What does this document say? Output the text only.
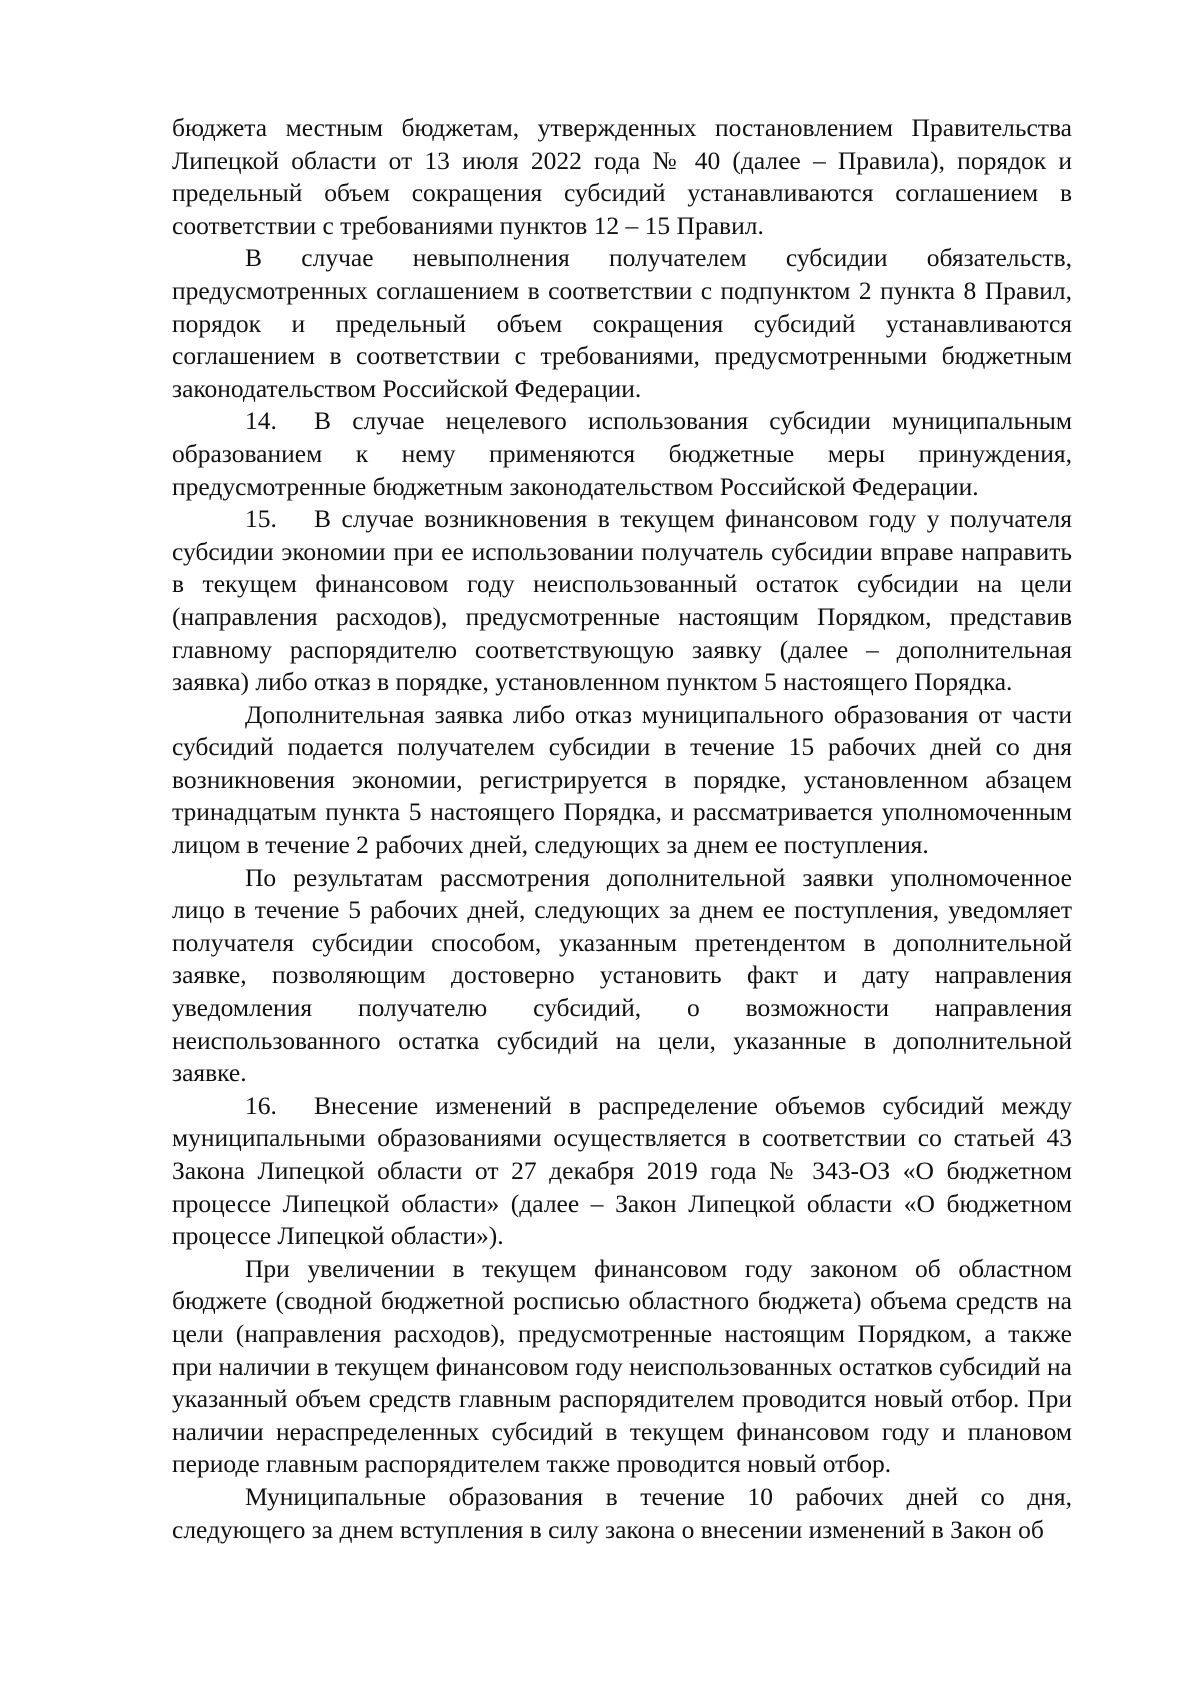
бюджета местным бюджетам, утвержденных постановлением Правительства Липецкой области от 13 июля 2022 года № 40 (далее – Правила), порядок и предельный объем сокращения субсидий устанавливаются соглашением в соответствии с требованиями пунктов 12 – 15 Правил.

В случае невыполнения получателем субсидии обязательств, предусмотренных соглашением в соответствии с подпунктом 2 пункта 8 Правил, порядок и предельный объем сокращения субсидий устанавливаются соглашением в соответствии с требованиями, предусмотренными бюджетным законодательством Российской Федерации.

14. В случае нецелевого использования субсидии муниципальным образованием к нему применяются бюджетные меры принуждения, предусмотренные бюджетным законодательством Российской Федерации.

15. В случае возникновения в текущем финансовом году у получателя субсидии экономии при ее использовании получатель субсидии вправе направить в текущем финансовом году неиспользованный остаток субсидии на цели (направления расходов), предусмотренные настоящим Порядком, представив главному распорядителю соответствующую заявку (далее – дополнительная заявка) либо отказ в порядке, установленном пунктом 5 настоящего Порядка.

Дополнительная заявка либо отказ муниципального образования от части субсидий подается получателем субсидии в течение 15 рабочих дней со дня возникновения экономии, регистрируется в порядке, установленном абзацем тринадцатым пункта 5 настоящего Порядка, и рассматривается уполномоченным лицом в течение 2 рабочих дней, следующих за днем ее поступления.

По результатам рассмотрения дополнительной заявки уполномоченное лицо в течение 5 рабочих дней, следующих за днем ее поступления, уведомляет получателя субсидии способом, указанным претендентом в дополнительной заявке, позволяющим достоверно установить факт и дату направления уведомления получателю субсидий, о возможности направления неиспользованного остатка субсидий на цели, указанные в дополнительной заявке.

16. Внесение изменений в распределение объемов субсидий между муниципальными образованиями осуществляется в соответствии со статьей 43 Закона Липецкой области от 27 декабря 2019 года № 343-ОЗ «О бюджетном процессе Липецкой области» (далее – Закон Липецкой области «О бюджетном процессе Липецкой области»).

При увеличении в текущем финансовом году законом об областном бюджете (сводной бюджетной росписью областного бюджета) объема средств на цели (направления расходов), предусмотренные настоящим Порядком, а также при наличии в текущем финансовом году неиспользованных остатков субсидий на указанный объем средств главным распорядителем проводится новый отбор. При наличии нераспределенных субсидий в текущем финансовом году и плановом периоде главным распорядителем также проводится новый отбор.

Муниципальные образования в течение 10 рабочих дней со дня, следующего за днем вступления в силу закона о внесении изменений в Закон об
